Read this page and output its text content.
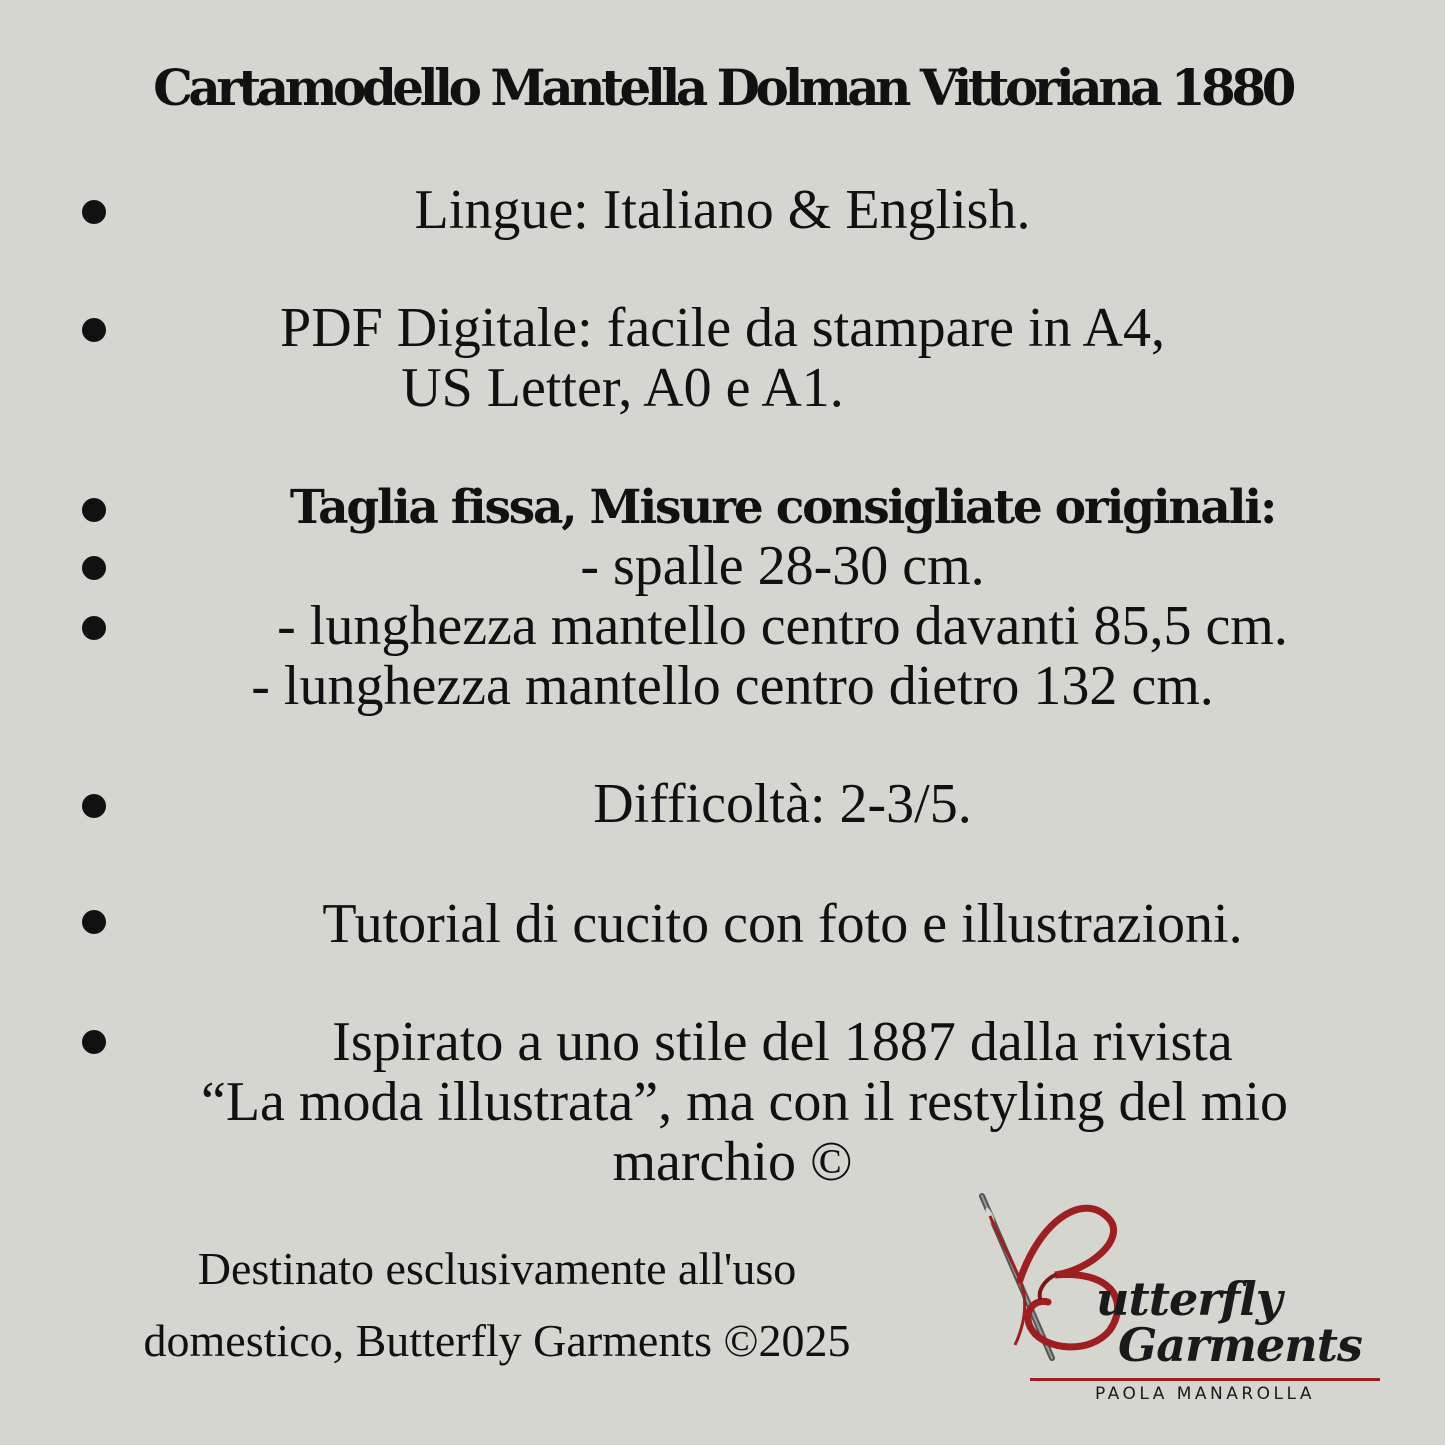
Cartamodello Mantella Dolman Vittoriana 1880
Lingue: Italiano & English.
PDF Digitale: facile da stampare in A4,
US Letter, A0 e A1.
Taglia fissa, Misure consigliate originali:
- spalle 28-30 cm.
- lunghezza mantello centro davanti 85,5 cm.
- lunghezza mantello centro dietro 132 cm.
Difficoltà: 2-3/5.
Tutorial di cucito con foto e illustrazioni.
Ispirato a uno stile del 1887 dalla rivista
“La moda illustrata”, ma con il restyling del mio
marchio ©
Destinato esclusivamente all'uso
domestico, Butterfly Garments ©2025
utterfly
Garments
PAOLA MANAROLLA
